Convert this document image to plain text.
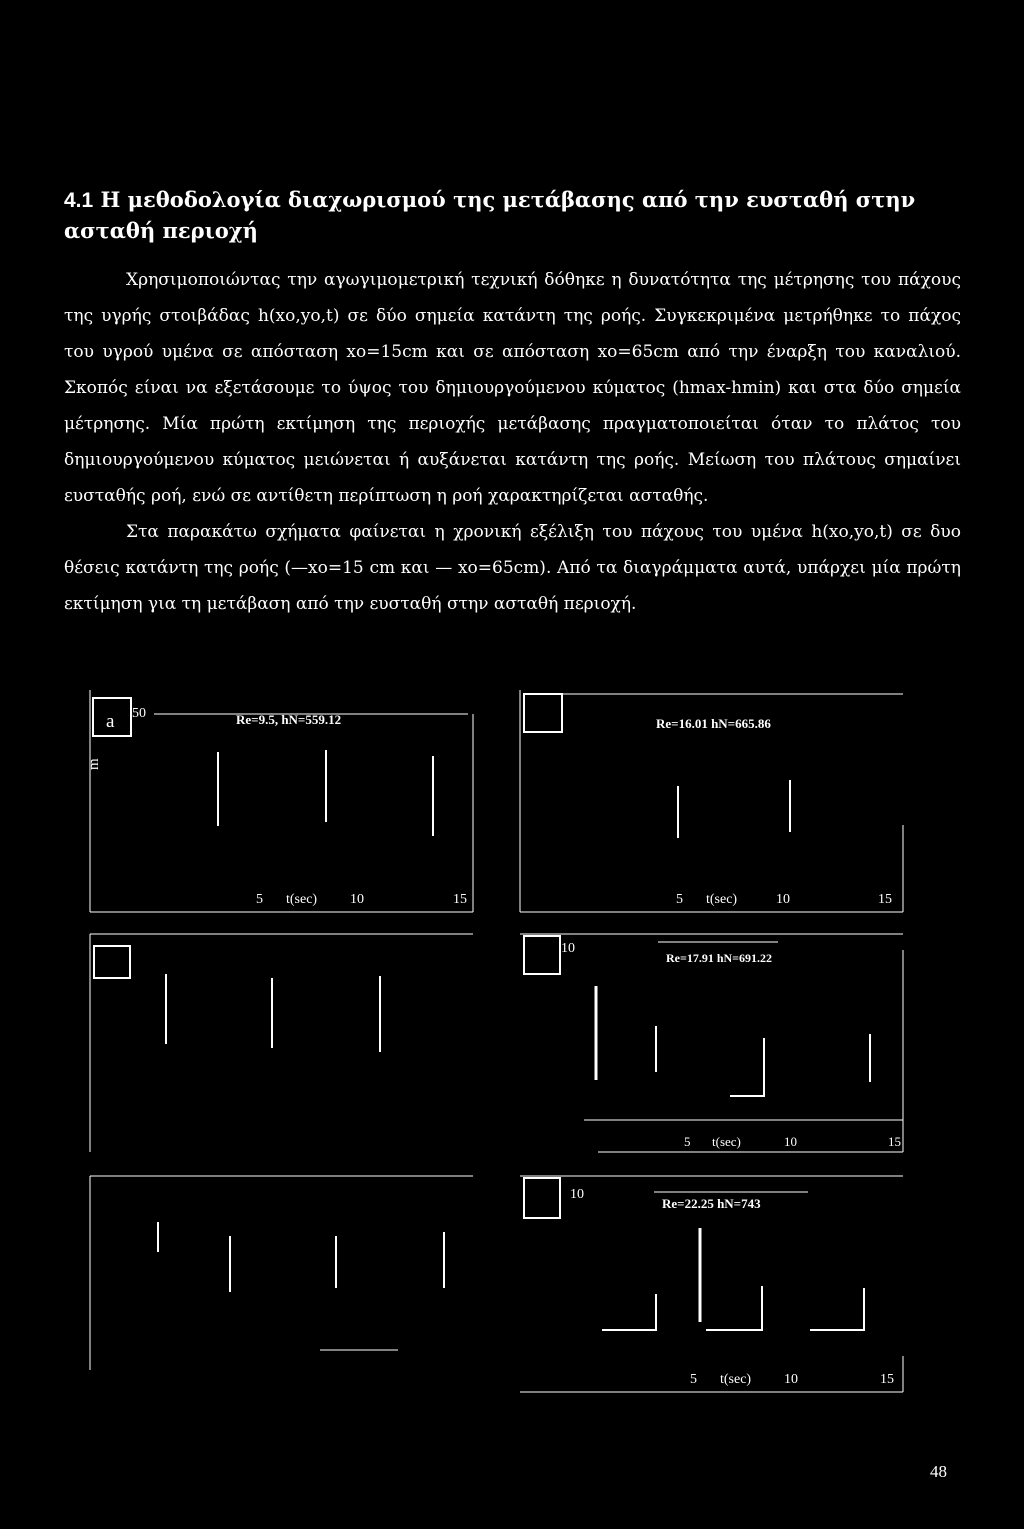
4.1 Η μεθοδολογία διαχωρισμού της μετάβασης από την ευσταθή στην ασταθή περιοχή

Χρησιμοποιώντας την αγωγιμομετρική τεχνική δόθηκε η δυνατότητα της μέτρησης του πάχους της υγρής στοιβάδας h(xo,yo,t) σε δύο σημεία κατάντη της ροής. Συγκεκριμένα μετρήθηκε το πάχος του υγρού υμένα σε απόσταση xo=15cm και σε απόσταση xo=65cm από την έναρξη του καναλιού. Σκοπός είναι να εξετάσουμε το ύψος του δημιουργούμενου κύματος (hmax-hmin) και στα δύο σημεία μέτρησης. Μία πρώτη εκτίμηση της περιοχής μετάβασης πραγματοποιείται όταν το πλάτος του δημιουργούμενου κύματος μειώνεται ή αυξάνεται κατάντη της ροής. Μείωση του πλάτους σημαίνει ευσταθής ροή, ενώ σε αντίθετη περίπτωση η ροή χαρακτηρίζεται ασταθής.

Στα παρακάτω σχήματα φαίνεται η χρονική εξέλιξη του πάχους του υμένα h(xo,yo,t) σε δυο θέσεις κατάντη της ροής (—xo=15 cm και — xo=65cm). Από τα διαγράμματα αυτά, υπάρχει μία πρώτη εκτίμηση για τη μετάβαση από την ευσταθή στην ασταθή περιοχή.

a 50	Re=9.5, hN=559.12
m
5 t(sec) 10	15
Re=16.01 hN=665.86
5 t(sec)	10	15
10
Re=17.91 hN=691.22
5 t(sec)	10	15
10
Re=22.25 hN=743
5 t(sec) 10	15
48
